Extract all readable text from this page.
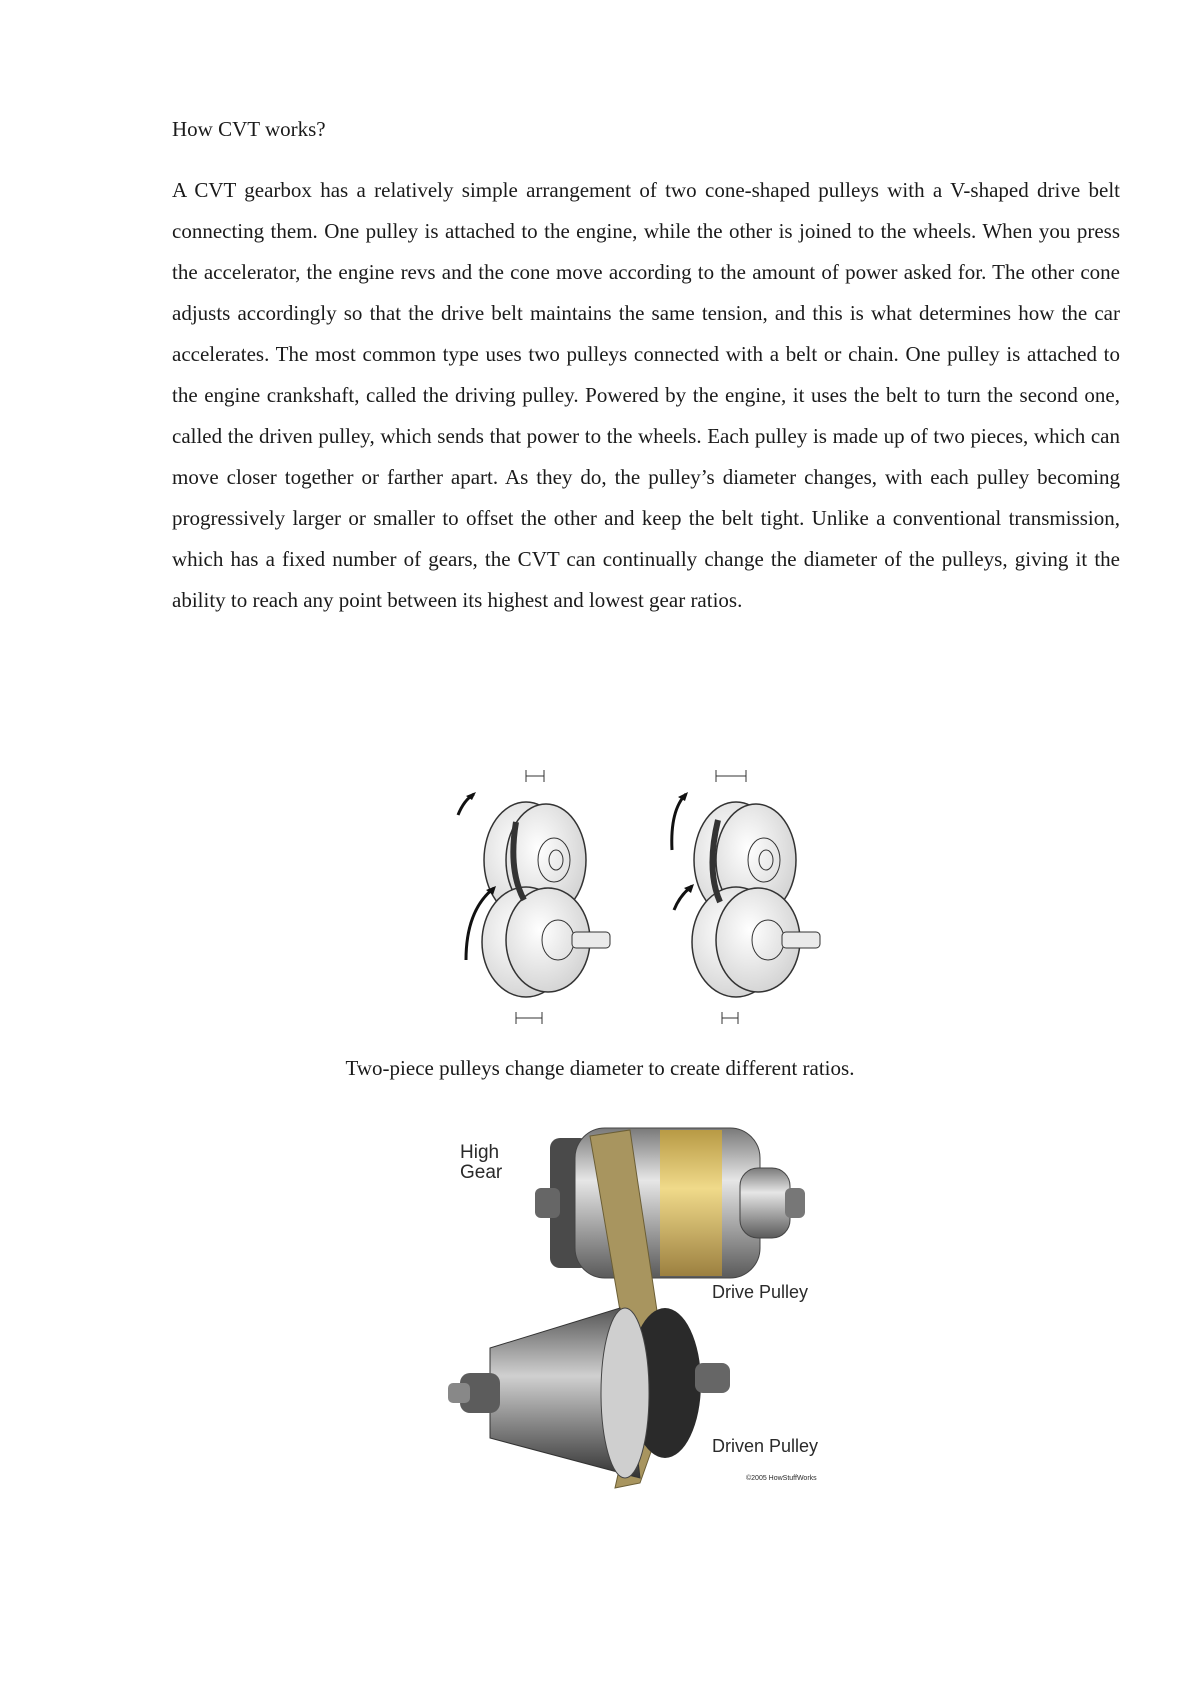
How CVT works?

A CVT gearbox has a relatively simple arrangement of two cone-shaped pulleys with a V-shaped drive belt connecting them. One pulley is attached to the engine, while the other is joined to the wheels. When you press the accelerator, the engine revs and the cone move according to the amount of power asked for. The other cone adjusts accordingly so that the drive belt maintains the same tension, and this is what determines how the car accelerates. The most common type uses two pulleys connected with a belt or chain. One pulley is attached to the engine crankshaft, called the driving pulley. Powered by the engine, it uses the belt to turn the second one, called the driven pulley, which sends that power to the wheels. Each pulley is made up of two pieces, which can move closer together or farther apart. As they do, the pulley’s diameter changes, with each pulley becoming progressively larger or smaller to offset the other and keep the belt tight. Unlike a conventional transmission, which has a fixed number of gears, the CVT can continually change the diameter of the pulleys, giving it the ability to reach any point between its highest and lowest gear ratios.

Two-piece pulleys change diameter to create different ratios.
High
Gear
Drive Pulley
Driven Pulley
©2005 HowStuffWorks
